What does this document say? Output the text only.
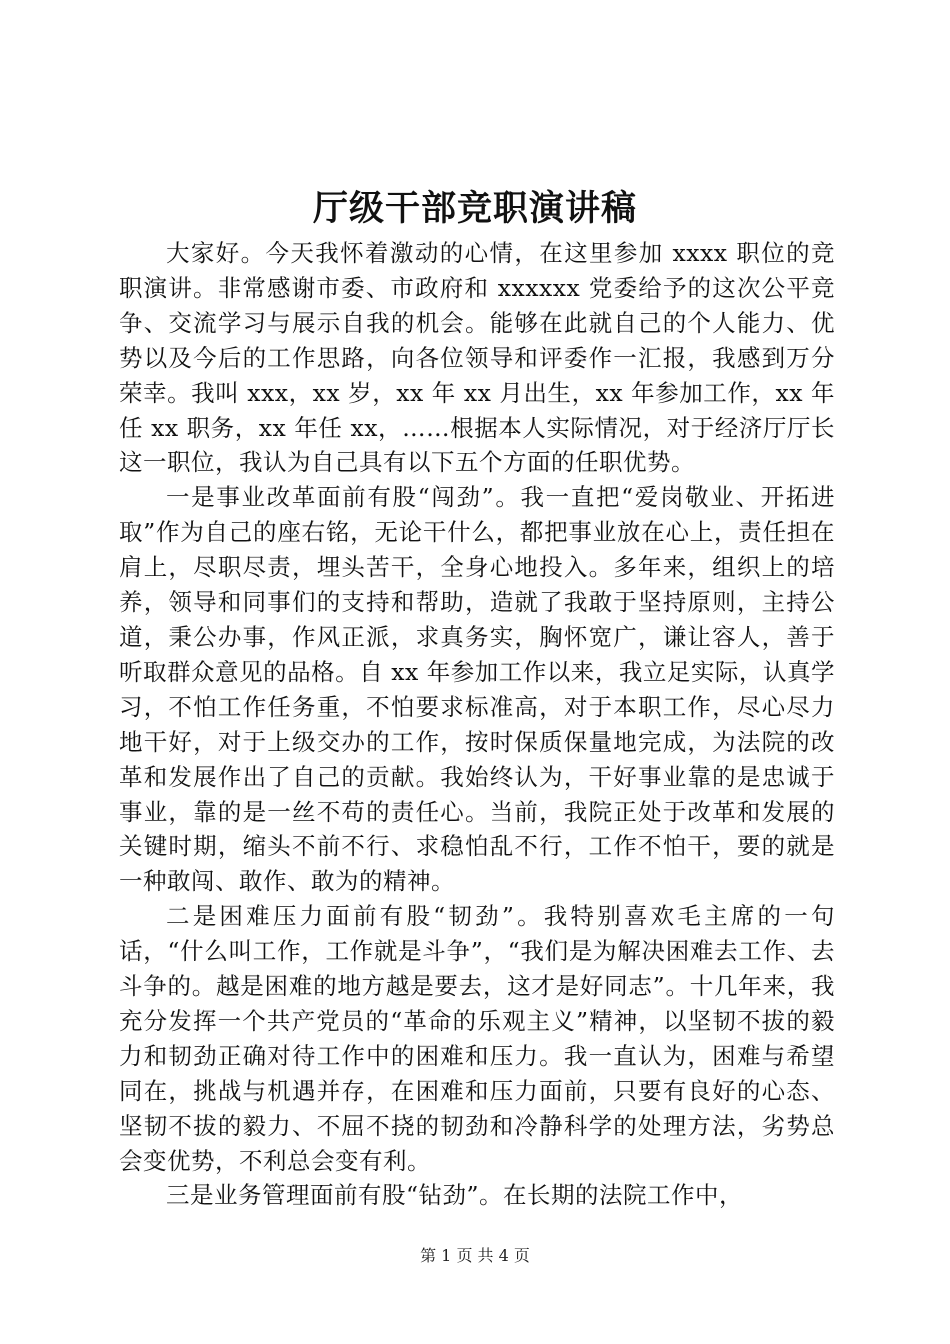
厅级干部竞职演讲稿

大家好。今天我怀着激动的心情，在这里参加 xxxx 职位的竞职演讲。非常感谢市委、市政府和 xxxxxx 党委给予的这次公平竞争、交流学习与展示自我的机会。能够在此就自己的个人能力、优势以及今后的工作思路，向各位领导和评委作一汇报，我感到万分荣幸。我叫 xxx，xx 岁，xx 年 xx 月出生，xx 年参加工作，xx 年任 xx 职务，xx 年任 xx，……根据本人实际情况，对于经济厅厅长这一职位，我认为自己具有以下五个方面的任职优势。

一是事业改革面前有股“闯劲”。我一直把“爱岗敬业、开拓进取”作为自己的座右铭，无论干什么，都把事业放在心上，责任担在肩上，尽职尽责，埋头苦干，全身心地投入。多年来，组织上的培养，领导和同事们的支持和帮助，造就了我敢于坚持原则，主持公道，秉公办事，作风正派，求真务实，胸怀宽广，谦让容人，善于听取群众意见的品格。自 xx 年参加工作以来，我立足实际，认真学习，不怕工作任务重，不怕要求标准高，对于本职工作，尽心尽力地干好，对于上级交办的工作，按时保质保量地完成，为法院的改革和发展作出了自己的贡献。我始终认为，干好事业靠的是忠诚于事业，靠的是一丝不苟的责任心。当前，我院正处于改革和发展的关键时期，缩头不前不行、求稳怕乱不行，工作不怕干，要的就是一种敢闯、敢作、敢为的精神。

二是困难压力面前有股“韧劲”。我特别喜欢毛主席的一句话，“什么叫工作，工作就是斗争”，“我们是为解决困难去工作、去斗争的。越是困难的地方越是要去，这才是好同志”。十几年来，我充分发挥一个共产党员的“革命的乐观主义”精神，以坚韧不拔的毅力和韧劲正确对待工作中的困难和压力。我一直认为，困难与希望同在，挑战与机遇并存，在困难和压力面前，只要有良好的心态、坚韧不拔的毅力、不屈不挠的韧劲和冷静科学的处理方法，劣势总会变优势，不利总会变有利。

三是业务管理面前有股“钻劲”。在长期的法院工作中，

第 1 页 共 4 页
